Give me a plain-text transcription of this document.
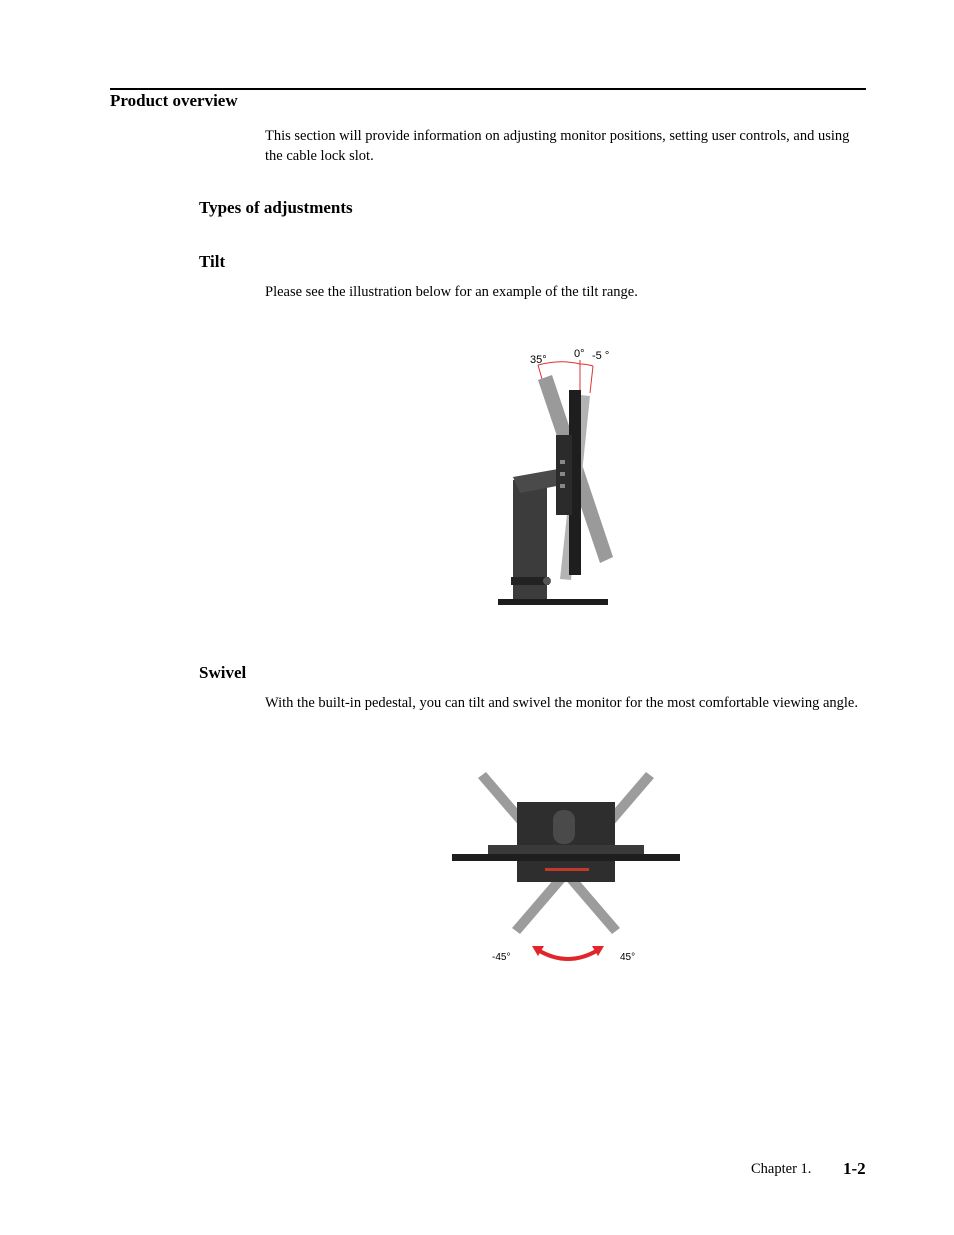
Product overview

This section will provide information on adjusting monitor positions, setting user controls, and using the cable lock slot.

Types of adjustments
Tilt

Please see the illustration below for an example of the tilt range.

35° 0° -5 °
Swivel

With the built-in pedestal, you can tilt and swivel the monitor for the most comfortable viewing angle.

-45°	45°
Chapter 1. 1-2
